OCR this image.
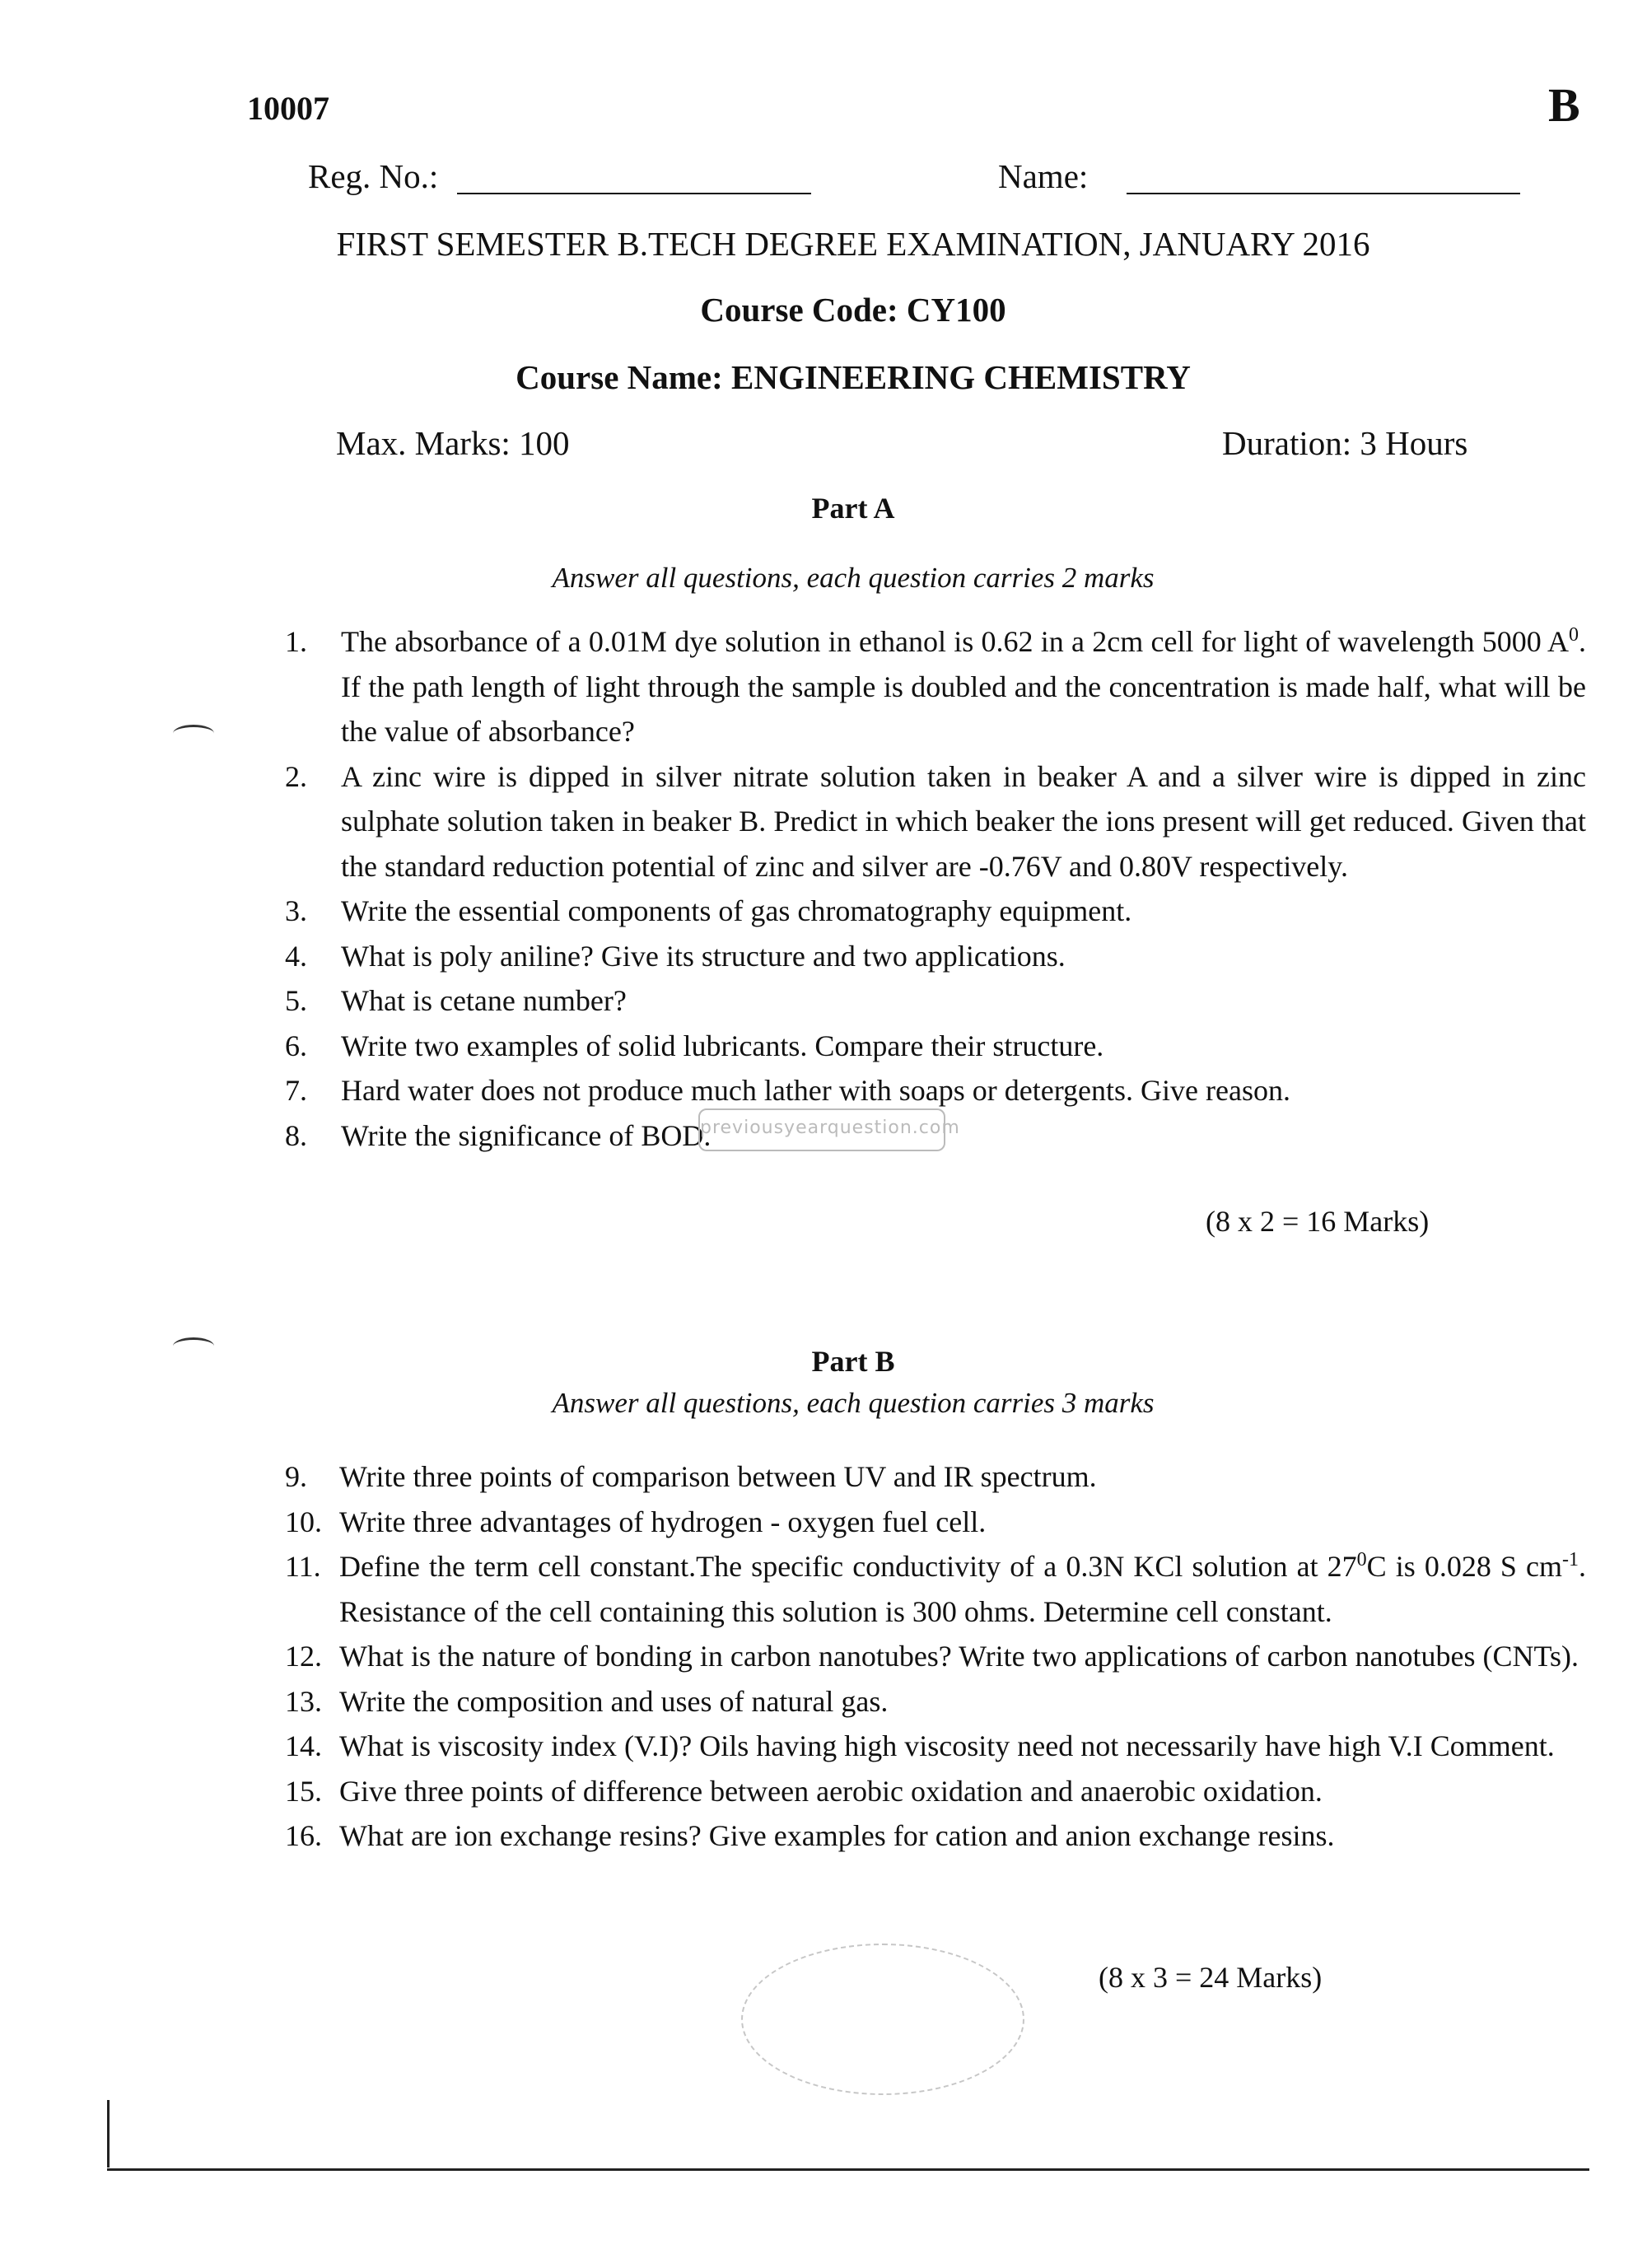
10007	B
Reg. No.:	Name:
FIRST SEMESTER B.TECH DEGREE EXAMINATION, JANUARY 2016
Course Code: CY100
Course Name: ENGINEERING CHEMISTRY
Max. Marks: 100	Duration: 3 Hours
Part A
Answer all questions, each question carries 2 marks
1.	The absorbance of a 0.01M dye solution in ethanol is 0.62 in a 2cm cell for light of wavelength 5000 $A^0$. If the path length of light through the sample is doubled and the concentration is made half, what will be the value of absorbance?
2.	A zinc wire is dipped in silver nitrate solution taken in beaker A and a silver wire is dipped in zinc sulphate solution taken in beaker B. Predict in which beaker the ions present will get reduced. Given that the standard reduction potential of zinc and silver are -0.76V and 0.80V respectively.
3.	Write the essential components of gas chromatography equipment.
4.	What is poly aniline? Give its structure and two applications.
5.	What is cetane number?
6.	Write two examples of solid lubricants. Compare their structure.
7.	Hard water does not produce much lather with soaps or detergents. Give reason.
8.	Write the significance of BOD.
(8 x 2 = 16 Marks)
previousyearquestion.com
Part B
Answer all questions, each question carries 3 marks
9.	Write three points of comparison between UV and IR spectrum.
10. Write three advantages of hydrogen - oxygen fuel cell.
11. Define the term cell constant.The specific conductivity of a 0.3N KCl solution at $27^0C$ is 0.028 S $cm^{-1}$. Resistance of the cell containing this solution is 300 ohms. Determine cell constant.
12. What is the nature of bonding in carbon nanotubes? Write two applications of carbon nanotubes (CNTs).
13. Write the composition and uses of natural gas.
14. What is viscosity index (V.I)? Oils having high viscosity need not necessarily have high V.I Comment.
15. Give three points of difference between aerobic oxidation and anaerobic oxidation.
16. What are ion exchange resins? Give examples for cation and anion exchange resins.
(8 x 3 = 24 Marks)
